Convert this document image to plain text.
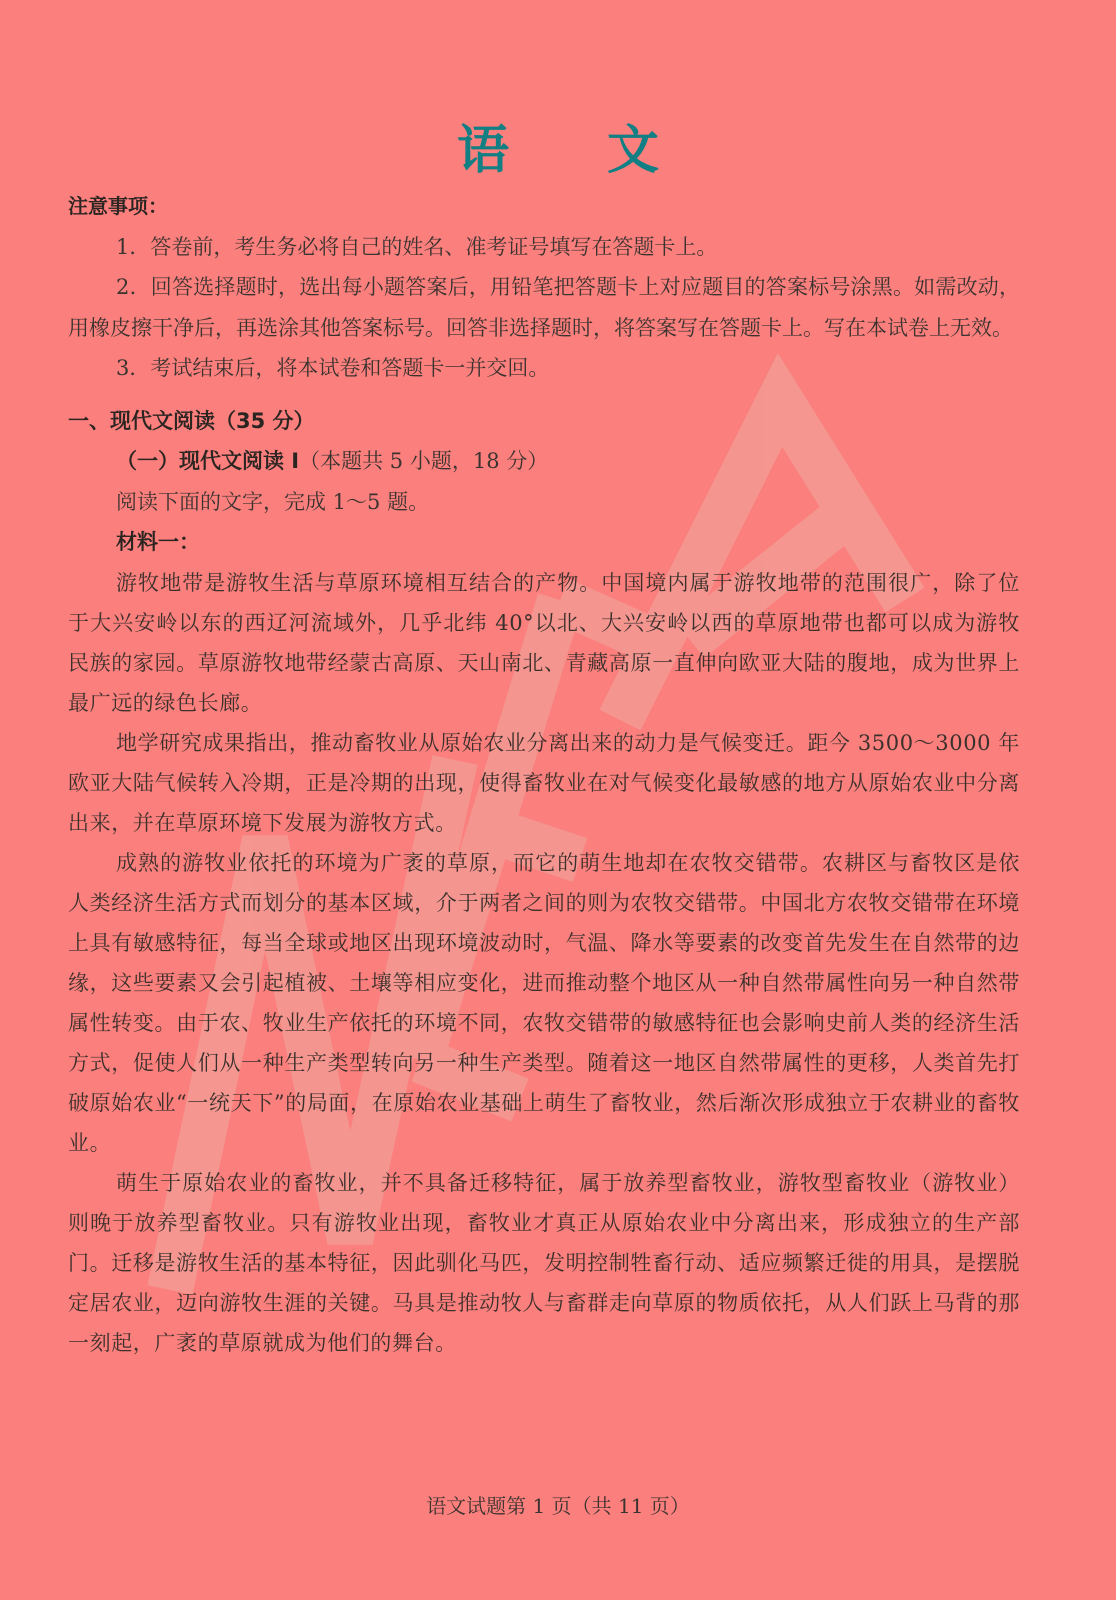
语 文
注意事项：

1．答卷前，考生务必将自己的姓名、准考证号填写在答题卡上。

2．回答选择题时，选出每小题答案后，用铅笔把答题卡上对应题目的答案标号涂黑。如需改动，用橡皮擦干净后，再选涂其他答案标号。回答非选择题时，将答案写在答题卡上。写在本试卷上无效。

3．考试结束后，将本试卷和答题卡一并交回。

一、现代文阅读（35 分）
（一）现代文阅读 Ⅰ（本题共 5 小题，18 分）
阅读下面的文字，完成 1～5 题。
材料一：

游牧地带是游牧生活与草原环境相互结合的产物。中国境内属于游牧地带的范围很广，除了位于大兴安岭以东的西辽河流域外，几乎北纬 40°以北、大兴安岭以西的草原地带也都可以成为游牧民族的家园。草原游牧地带经蒙古高原、天山南北、青藏高原一直伸向欧亚大陆的腹地，成为世界上最广远的绿色长廊。

地学研究成果指出，推动畜牧业从原始农业分离出来的动力是气候变迁。距今 3500～3000 年欧亚大陆气候转入冷期，正是冷期的出现，使得畜牧业在对气候变化最敏感的地方从原始农业中分离出来，并在草原环境下发展为游牧方式。

成熟的游牧业依托的环境为广袤的草原，而它的萌生地却在农牧交错带。农耕区与畜牧区是依人类经济生活方式而划分的基本区域，介于两者之间的则为农牧交错带。中国北方农牧交错带在环境上具有敏感特征，每当全球或地区出现环境波动时，气温、降水等要素的改变首先发生在自然带的边缘，这些要素又会引起植被、土壤等相应变化，进而推动整个地区从一种自然带属性向另一种自然带属性转变。由于农、牧业生产依托的环境不同，农牧交错带的敏感特征也会影响史前人类的经济生活方式，促使人们从一种生产类型转向另一种生产类型。随着这一地区自然带属性的更移，人类首先打破原始农业“一统天下”的局面，在原始农业基础上萌生了畜牧业，然后渐次形成独立于农耕业的畜牧业。

萌生于原始农业的畜牧业，并不具备迁移特征，属于放养型畜牧业，游牧型畜牧业（游牧业）则晚于放养型畜牧业。只有游牧业出现，畜牧业才真正从原始农业中分离出来，形成独立的生产部门。迁移是游牧生活的基本特征，因此驯化马匹，发明控制牲畜行动、适应频繁迁徙的用具，是摆脱定居农业，迈向游牧生涯的关键。马具是推动牧人与畜群走向草原的物质依托，从人们跃上马背的那一刻起，广袤的草原就成为他们的舞台。

语文试题第 1 页（共 11 页）
